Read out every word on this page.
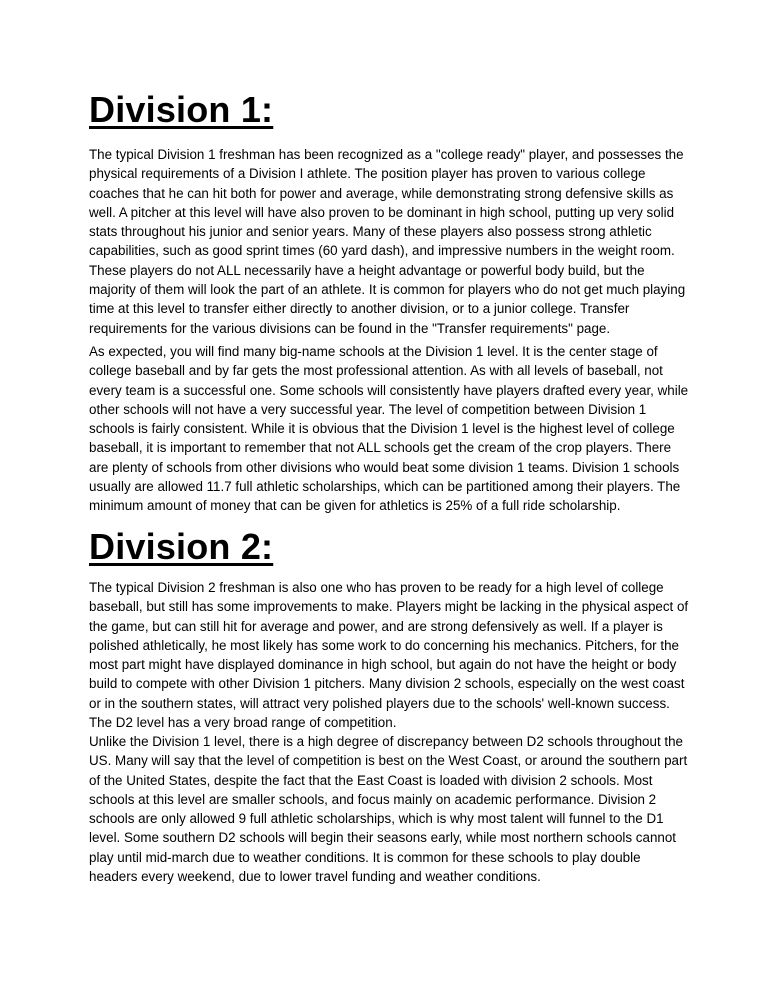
Division 1:

The typical Division 1 freshman has been recognized as a "college ready" player, and possesses the physical requirements of a Division I athlete. The position player has proven to various college coaches that he can hit both for power and average, while demonstrating strong defensive skills as well. A pitcher at this level will have also proven to be dominant in high school, putting up very solid stats throughout his junior and senior years. Many of these players also possess strong athletic capabilities, such as good sprint times (60 yard dash), and impressive numbers in the weight room. These players do not ALL necessarily have a height advantage or powerful body build, but the majority of them will look the part of an athlete. It is common for players who do not get much playing time at this level to transfer either directly to another division, or to a junior college. Transfer requirements for the various divisions can be found in the "Transfer requirements" page.

As expected, you will find many big-name schools at the Division 1 level. It is the center stage of college baseball and by far gets the most professional attention. As with all levels of baseball, not every team is a successful one. Some schools will consistently have players drafted every year, while other schools will not have a very successful year. The level of competition between Division 1 schools is fairly consistent. While it is obvious that the Division 1 level is the highest level of college baseball, it is important to remember that not ALL schools get the cream of the crop players. There are plenty of schools from other divisions who would beat some division 1 teams. Division 1 schools usually are allowed 11.7 full athletic scholarships, which can be partitioned among their players. The minimum amount of money that can be given for athletics is 25% of a full ride scholarship.

Division 2:

The typical Division 2 freshman is also one who has proven to be ready for a high level of college baseball, but still has some improvements to make. Players might be lacking in the physical aspect of the game, but can still hit for average and power, and are strong defensively as well. If a player is polished athletically, he most likely has some work to do concerning his mechanics. Pitchers, for the most part might have displayed dominance in high school, but again do not have the height or body build to compete with other Division 1 pitchers. Many division 2 schools, especially on the west coast or in the southern states, will attract very polished players due to the schools' well-known success. The D2 level has a very broad range of competition.

Unlike the Division 1 level, there is a high degree of discrepancy between D2 schools throughout the US. Many will say that the level of competition is best on the West Coast, or around the southern part of the United States, despite the fact that the East Coast is loaded with division 2 schools. Most schools at this level are smaller schools, and focus mainly on academic performance. Division 2 schools are only allowed 9 full athletic scholarships, which is why most talent will funnel to the D1 level. Some southern D2 schools will begin their seasons early, while most northern schools cannot play until mid-march due to weather conditions. It is common for these schools to play double headers every weekend, due to lower travel funding and weather conditions.
